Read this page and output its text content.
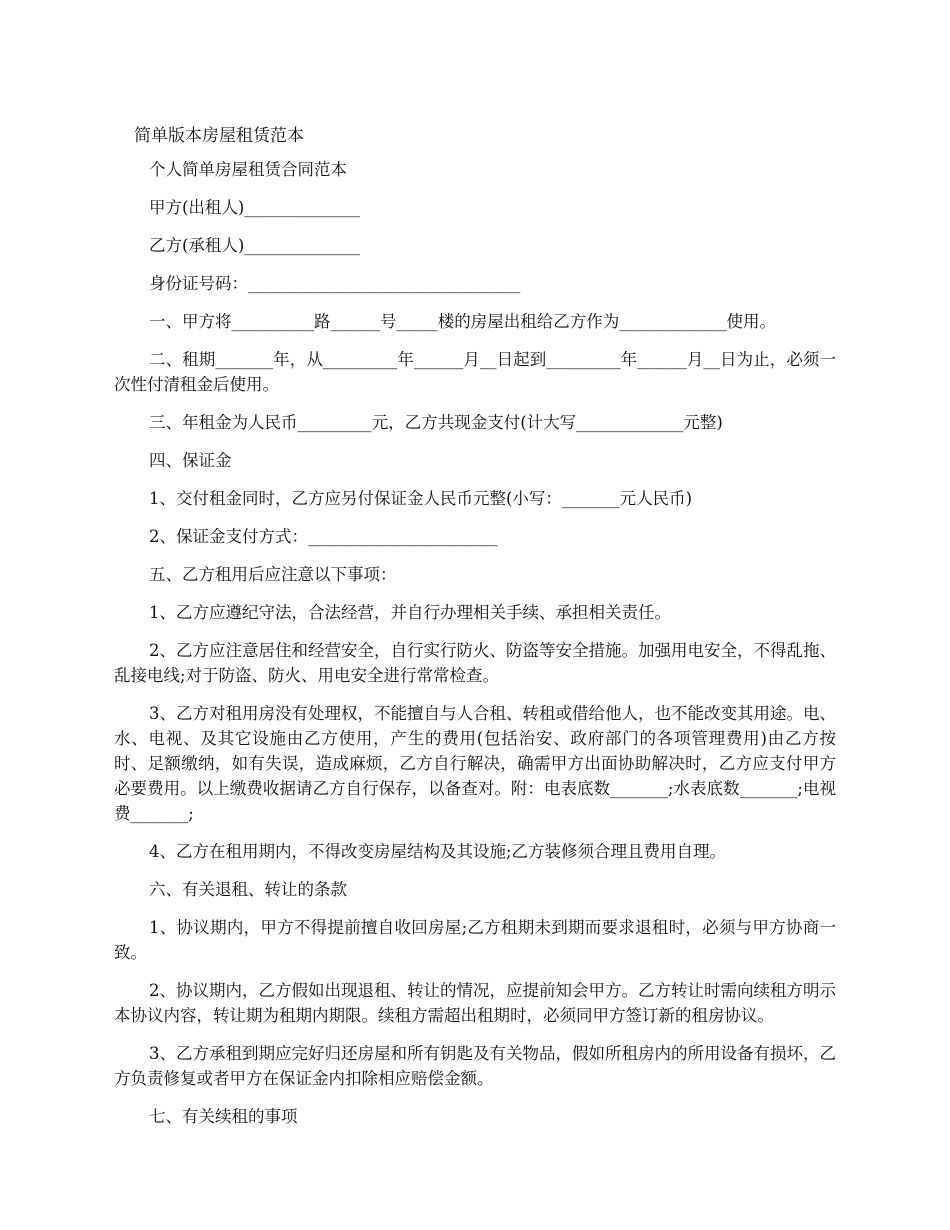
简单版本房屋租赁范本

个人简单房屋租赁合同范本

甲方(出租人)______________

乙方(承租人)______________

身份证号码：_________________________________

一、甲方将__________路______号_____楼的房屋出租给乙方作为_____________使用。

二、租期_______年，从_________年______月__日起到_________年______月__日为止，必须一次性付清租金后使用。

三、年租金为人民币_________元，乙方共现金支付(计大写_____________元整)

四、保证金

1、交付租金同时，乙方应另付保证金人民币元整(小写：_______元人民币)

2、保证金支付方式：_______________________

五、乙方租用后应注意以下事项：

1、乙方应遵纪守法，合法经营，并自行办理相关手续、承担相关责任。

2、乙方应注意居住和经营安全，自行实行防火、防盗等安全措施。加强用电安全，不得乱拖、乱接电线;对于防盗、防火、用电安全进行常常检查。

3、乙方对租用房没有处理权，不能擅自与人合租、转租或借给他人，也不能改变其用途。电、水、电视、及其它设施由乙方使用，产生的费用(包括治安、政府部门的各项管理费用)由乙方按时、足额缴纳，如有失误，造成麻烦，乙方自行解决，确需甲方出面协助解决时，乙方应支付甲方必要费用。以上缴费收据请乙方自行保存，以备查对。附：电表底数_______;水表底数_______;电视费_______;

4、乙方在租用期内，不得改变房屋结构及其设施;乙方装修须合理且费用自理。

六、有关退租、转让的条款

1、协议期内，甲方不得提前擅自收回房屋;乙方租期未到期而要求退租时，必须与甲方协商一致。

2、协议期内，乙方假如出现退租、转让的情况，应提前知会甲方。乙方转让时需向续租方明示本协议内容，转让期为租期内期限。续租方需超出租期时，必须同甲方签订新的租房协议。

3、乙方承租到期应完好归还房屋和所有钥匙及有关物品，假如所租房内的所用设备有损坏，乙方负责修复或者甲方在保证金内扣除相应赔偿金额。

七、有关续租的事项
